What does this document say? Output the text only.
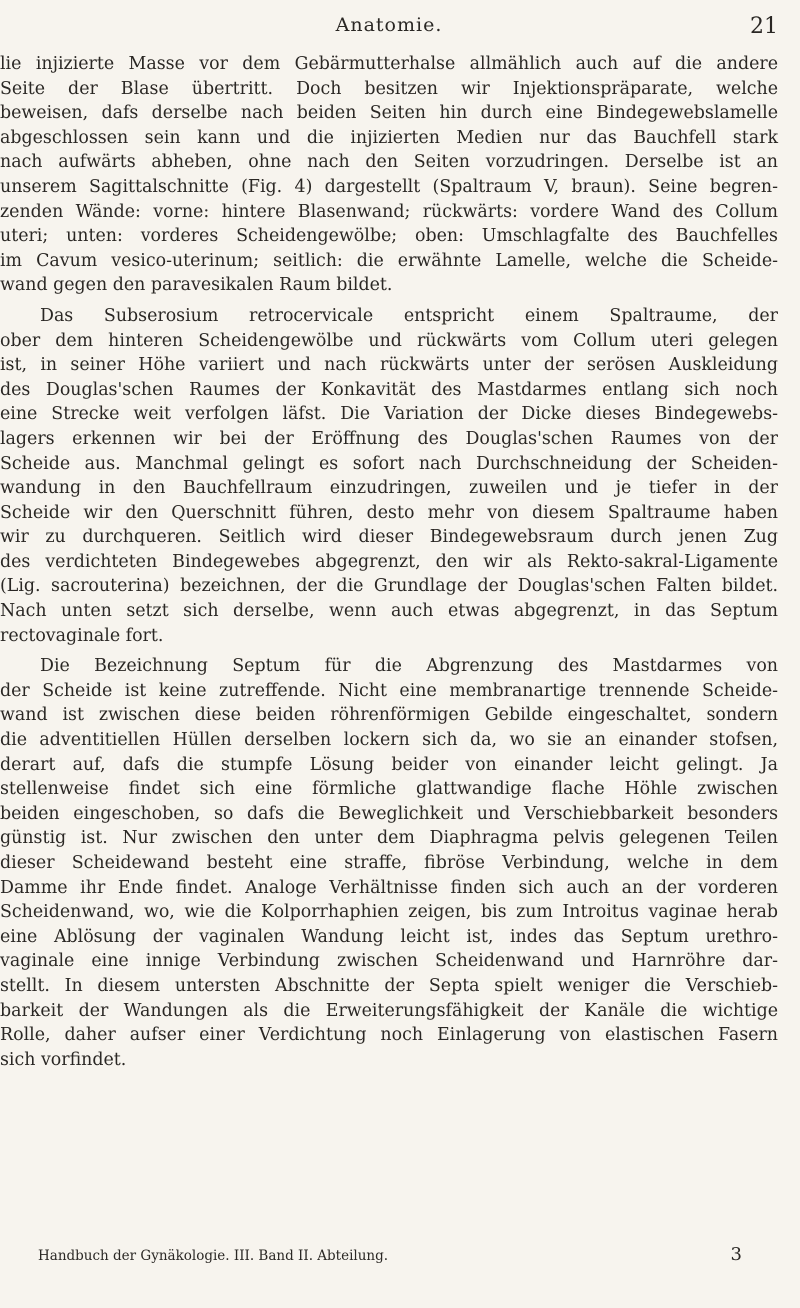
Anatomie.	21
lie injizierte Masse vor dem Gebärmutterhalse allmählich auch auf die andere
Seite der Blase übertritt. Doch besitzen wir Injektionspräparate, welche
beweisen, dafs derselbe nach beiden Seiten hin durch eine Bindegewebslamelle
abgeschlossen sein kann und die injizierten Medien nur das Bauchfell stark
nach aufwärts abheben, ohne nach den Seiten vorzudringen. Derselbe ist an
unserem Sagittalschnitte (Fig. 4) dargestellt (Spaltraum V, braun). Seine begren-
zenden Wände: vorne: hintere Blasenwand; rückwärts: vordere Wand des Collum
uteri; unten: vorderes Scheidengewölbe; oben: Umschlagfalte des Bauchfelles
im Cavum vesico-uterinum; seitlich: die erwähnte Lamelle, welche die Scheide-
wand gegen den paravesikalen Raum bildet.
Das Subserosium retrocervicale entspricht einem Spaltraume, der
ober dem hinteren Scheidengewölbe und rückwärts vom Collum uteri gelegen
ist, in seiner Höhe variiert und nach rückwärts unter der serösen Auskleidung
des Douglas'schen Raumes der Konkavität des Mastdarmes entlang sich noch
eine Strecke weit verfolgen läfst. Die Variation der Dicke dieses Bindegewebs-
lagers erkennen wir bei der Eröffnung des Douglas'schen Raumes von der
Scheide aus. Manchmal gelingt es sofort nach Durchschneidung der Scheiden-
wandung in den Bauchfellraum einzudringen, zuweilen und je tiefer in der
Scheide wir den Querschnitt führen, desto mehr von diesem Spaltraume haben
wir zu durchqueren. Seitlich wird dieser Bindegewebsraum durch jenen Zug
des verdichteten Bindegewebes abgegrenzt, den wir als Rekto-sakral-Ligamente
(Lig. sacrouterina) bezeichnen, der die Grundlage der Douglas'schen Falten bildet.
Nach unten setzt sich derselbe, wenn auch etwas abgegrenzt, in das Septum
rectovaginale fort.
Die Bezeichnung Septum für die Abgrenzung des Mastdarmes von
der Scheide ist keine zutreffende. Nicht eine membranartige trennende Scheide-
wand ist zwischen diese beiden röhrenförmigen Gebilde eingeschaltet, sondern
die adventitiellen Hüllen derselben lockern sich da, wo sie an einander stofsen,
derart auf, dafs die stumpfe Lösung beider von einander leicht gelingt. Ja
stellenweise findet sich eine förmliche glattwandige flache Höhle zwischen
beiden eingeschoben, so dafs die Beweglichkeit und Verschiebbarkeit besonders
günstig ist. Nur zwischen den unter dem Diaphragma pelvis gelegenen Teilen
dieser Scheidewand besteht eine straffe, fibröse Verbindung, welche in dem
Damme ihr Ende findet. Analoge Verhältnisse finden sich auch an der vorderen
Scheidenwand, wo, wie die Kolporrhaphien zeigen, bis zum Introitus vaginae herab
eine Ablösung der vaginalen Wandung leicht ist, indes das Septum urethro-
vaginale eine innige Verbindung zwischen Scheidenwand und Harnröhre dar-
stellt. In diesem untersten Abschnitte der Septa spielt weniger die Verschieb-
barkeit der Wandungen als die Erweiterungsfähigkeit der Kanäle die wichtige
Rolle, daher aufser einer Verdichtung noch Einlagerung von elastischen Fasern
sich vorfindet.
Handbuch der Gynäkologie. III. Band II. Abteilung.	3
